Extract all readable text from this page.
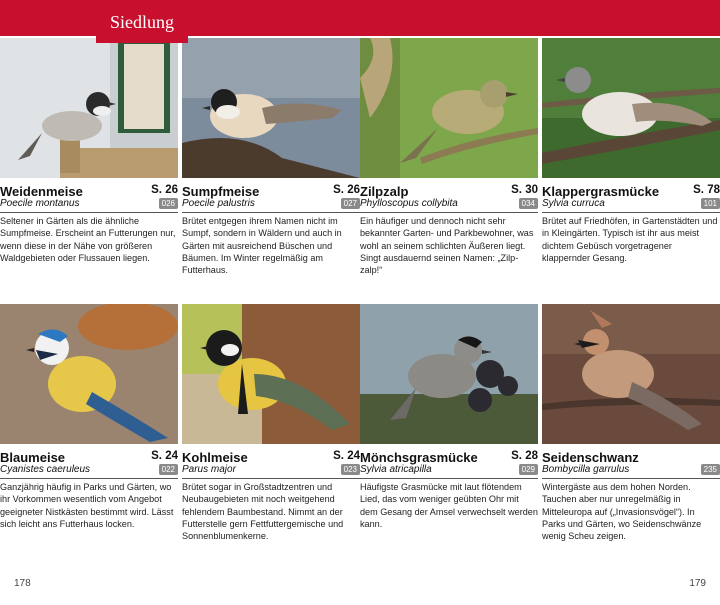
Siedlung
Weidenmeise	S. 26
Poecile montanus	026
Seltener in Gärten als die ähnliche Sumpfmeise. Erscheint an Futterungen nur, wenn diese in der Nähe von größeren Waldgebieten oder Flussauen liegen.
Sumpfmeise	S. 26
Poecile palustris	027
Brütet entgegen ihrem Namen nicht im Sumpf, sondern in Wäldern und auch in Gärten mit ausreichend Büschen und Bäumen. Im Winter regelmäßig am Futterhaus.
Zilpzalp	S. 30
Phylloscopus collybita	034
Ein häufiger und dennoch nicht sehr bekannter Garten- und Parkbewohner, was wohl an seinem schlichten Äußeren liegt. Singt ausdauernd seinen Namen: „Zilp-zalp!“
Klappergrasmücke	S. 78
Sylvia curruca	101
Brütet auf Friedhöfen, in Gartenstädten und in Kleingärten. Typisch ist ihr aus meist dichtem Gebüsch vorgetragener klappernder Gesang.
Blaumeise	S. 24
Cyanistes caeruleus	022
Ganzjährig häufig in Parks und Gärten, wo ihr Vorkommen wesentlich vom Angebot geeigneter Nistkästen bestimmt wird. Lässt sich leicht ans Futterhaus locken.
Kohlmeise	S. 24
Parus major	023
Brütet sogar in Großstadtzentren und Neubaugebieten mit noch weitgehend fehlendem Baumbestand. Nimmt an der Futterstelle gern Fettfuttergemische und Sonnenblumenkerne.
Mönchsgrasmücke	S. 28
Sylvia atricapilla	029
Häufigste Grasmücke mit laut flötendem Lied, das vom weniger geübten Ohr mit dem Gesang der Amsel verwechselt werden kann.
Seidenschwanz
Bombycilla garrulus	235
Wintergäste aus dem hohen Norden. Tauchen aber nur unregelmäßig in Mitteleuropa auf („Invasionsvögel“). In Parks und Gärten, wo Seidenschwänze wenig Scheu zeigen.
178	179
